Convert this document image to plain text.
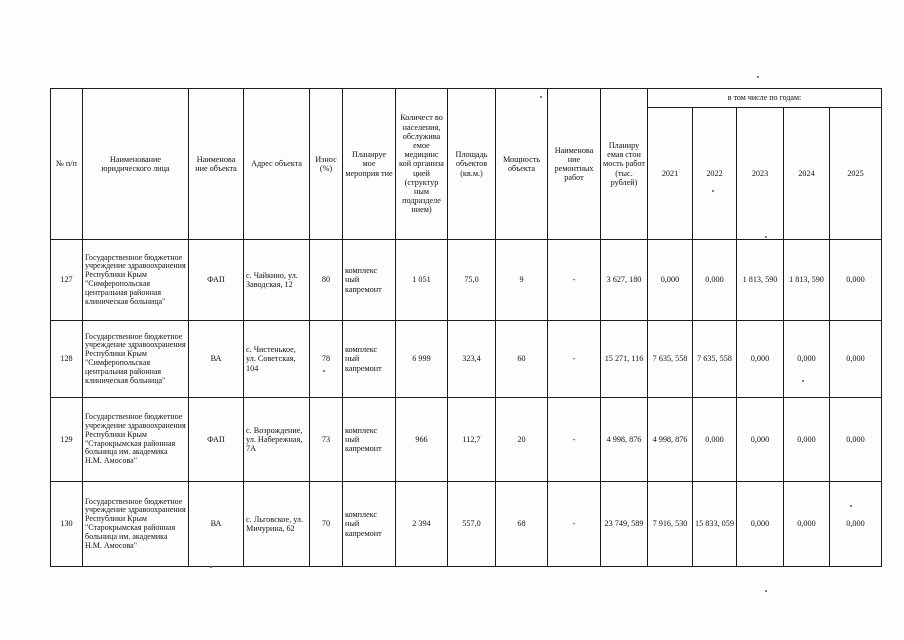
№ п/п	Наименование юридического лица	Наименова ние объекта	Адрес объекта	Износ (%)	Планируе мое мероприя тие	Количест во населения, обслужива емое медицинс кой организа цией (структур ным подразделе нием)	Площадь объектов (кв.м.)	Мощность объекта	Наименова ние ремонтных работ	Планиру емая стои мость работ (тыс. рублей)	в том числе по годам:				
											2021	2022	2023	2024	2025
127	Государственное бюджетное учреждение здравоохранения Республики Крым "Симферопольская центральная районная клиническая больница"	ФАП	с. Чайкино, ул. Заводская, 12	80	комплекс ный капремонт	1 051	75,0	9	-	3 627, 180	0,000	0,000	1 813, 590	1 813, 590	0,000
128	Государственное бюджетное учреждение здравоохранения Республики Крым "Симферопольская центральная районная клиническая больница"	ВА	с. Чистенькое, ул. Советская, 104	78	комплекс ный капремонт	6 999	323,4	60	-	15 271, 116	7 635, 558	7 635, 558	0,000	0,000	0,000
129	Государственное бюджетное учреждение здравоохранения Республики Крым "Старокрымская районная больница им. академика Н.М. Амосова"	ФАП	с. Возрождение, ул. Набережная, 7А	73	комплекс ный капремонт	966	112,7	20	-	4 998, 876	4 998, 876	0,000	0,000	0,000	0,000
130	Государственное бюджетное учреждение здравоохранения Республики Крым "Старокрымская районная больница им. академика Н.М. Амосова"	ВА	с. Льговское, ул. Мичурина, 62	70	комплекс ный капремонт	2 394	557,0	68	-	23 749, 589	7 916, 530	15 833, 059	0,000	0,000	0,000
